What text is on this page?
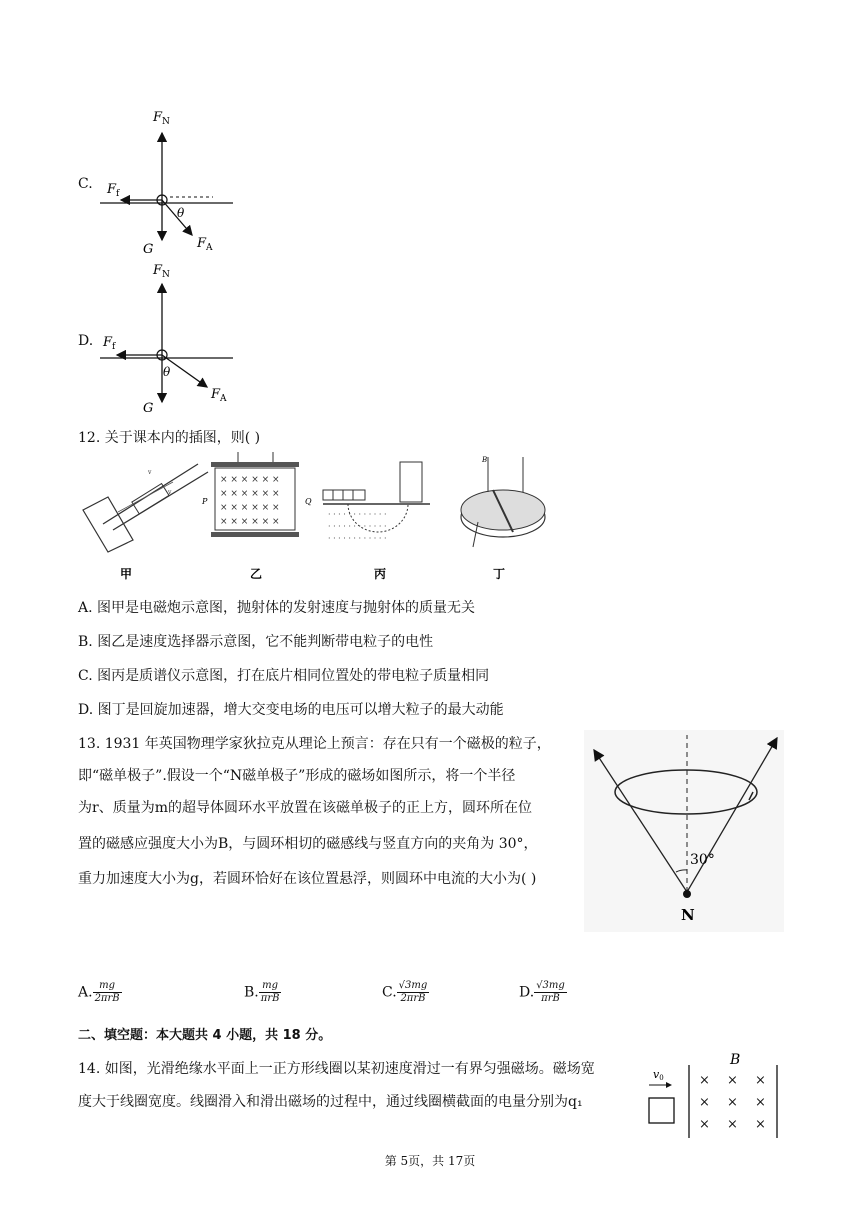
C.
$F_N$
$F_f$
θ
G	$F_A$
D.
$F_N$
$F_f$
θ
G
$F_A$
12. 关于课本内的插图，则( )
v
v
× × × × × ×
× × × × × ×
× × × × × ×
× × × × × ×
P	Q
· · · · · · · · · · · ·
· · · · · · · · · · · ·
· · · · · · · · · · · ·
B
甲	乙	丙	丁
A. 图甲是电磁炮示意图，抛射体的发射速度与抛射体的质量无关
B. 图乙是速度选择器示意图，它不能判断带电粒子的电性
C. 图丙是质谱仪示意图，打在底片相同位置处的带电粒子质量相同
D. 图丁是回旋加速器，增大交变电场的电压可以增大粒子的最大动能
13. 1931 年英国物理学家狄拉克从理论上预言：存在只有一个磁极的粒子，
即“磁单极子”.假设一个“N磁单极子”形成的磁场如图所示，将一个半径
为r、质量为m的超导体圆环水平放置在该磁单极子的正上方，圆环所在位
置的磁感应强度大小为B，与圆环相切的磁感线与竖直方向的夹角为 30°，
重力加速度大小为g，若圆环恰好在该位置悬浮，则圆环中电流的大小为( )
30°
N
A. $\frac{mg}{\text{2πrB}}$	B. $\frac{mg}{\text{πrB}}$	C. $\frac{√3mg}{\text{2πrB}}$	D. $\frac{√3mg}{\text{πrB}}$
二、填空题：本大题共 4 小题，共 18 分。
14. 如图，光滑绝缘水平面上一正方形线圈以某初速度滑过一有界匀强磁场。磁场宽
度大于线圈宽度。线圈滑入和滑出磁场的过程中，通过线圈横截面的电量分别为q₁
B
× × ×
× × ×
× × ×
v0
第 5页，共 17页
